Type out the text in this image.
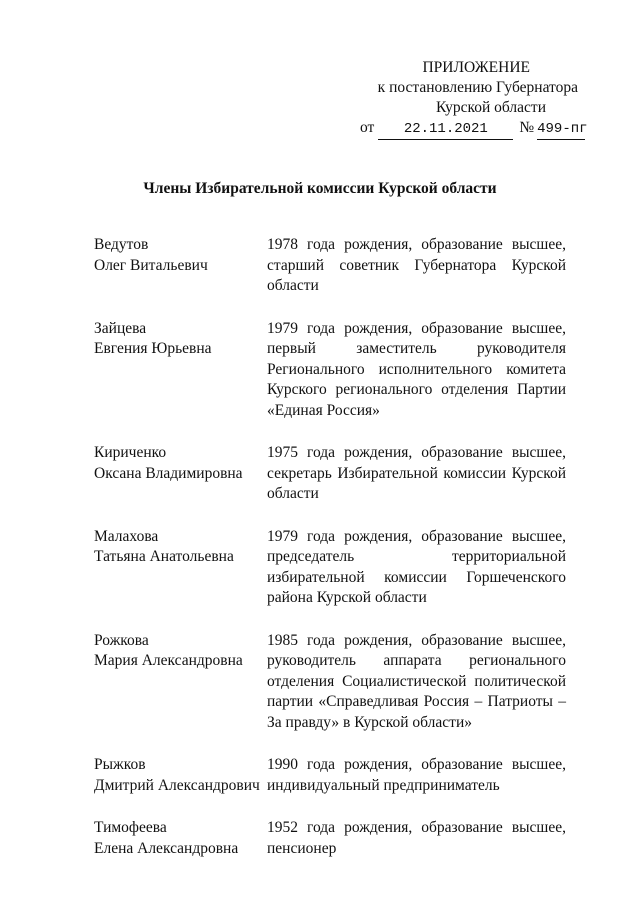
ПРИЛОЖЕНИЕ
к постановлению Губернатора
Курской области
от 22.11.2021 № 499-пг
Члены Избирательной комиссии Курской области
Ведутов
Олег Витальевич
1978 года рождения, образование высшее, старший советник Губернатора Курской области
Зайцева
Евгения Юрьевна
1979 года рождения, образование высшее, первый заместитель руководителя Регионального исполнительного комитета Курского регионального отделения Партии «Единая Россия»
Кириченко
Оксана Владимировна
1975 года рождения, образование высшее, секретарь Избирательной комиссии Курской области
Малахова
Татьяна Анатольевна
1979 года рождения, образование высшее, председатель территориальной избирательной комиссии Горшеченского района Курской области
Рожкова
Мария Александровна
1985 года рождения, образование высшее, руководитель аппарата регионального отделения Социалистической политической партии «Справедливая Россия – Патриоты – За правду» в Курской области»
Рыжков
Дмитрий Александрович
1990 года рождения, образование высшее, индивидуальный предприниматель
Тимофеева
Елена Александровна
1952 года рождения, образование высшее, пенсионер
